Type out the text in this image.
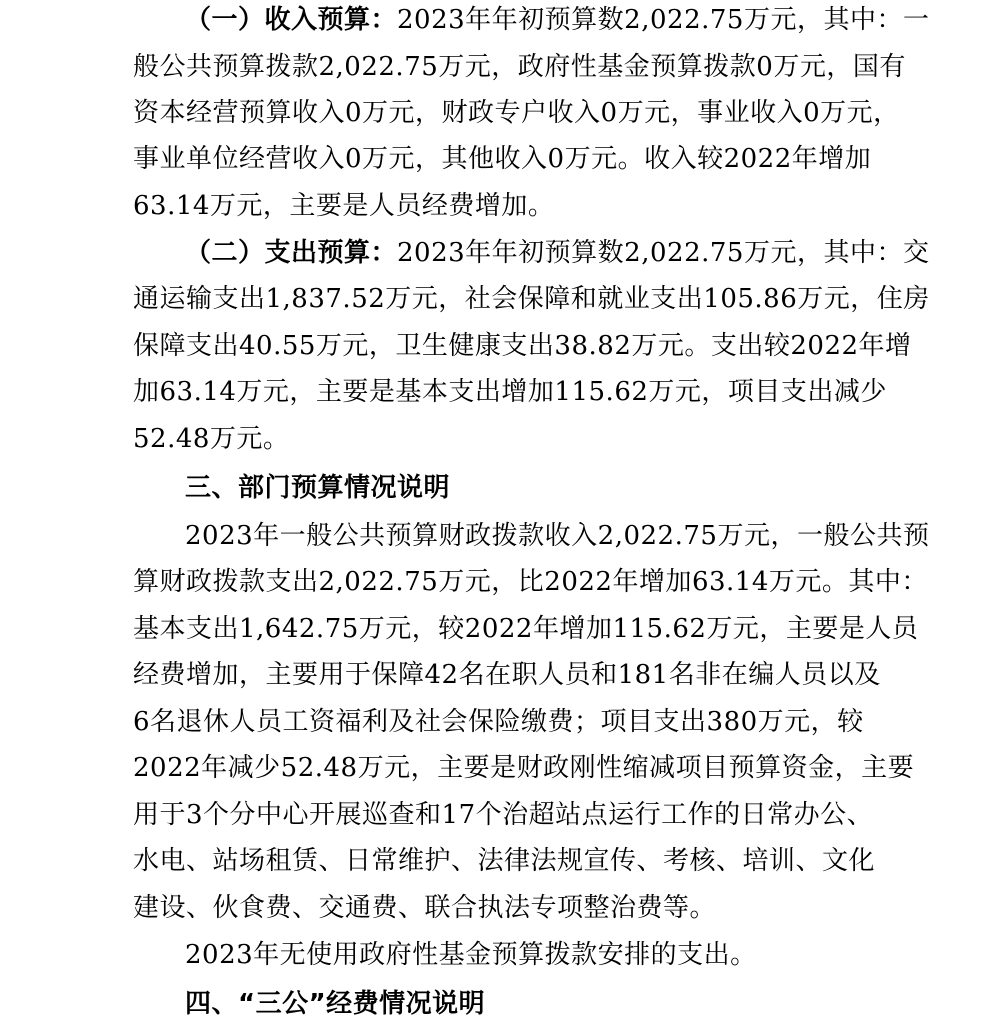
（一）收入预算：2023年年初预算数2,022.75万元，其中：一
般公共预算拨款2,022.75万元，政府性基金预算拨款0万元，国有
资本经营预算收入0万元，财政专户收入0万元，事业收入0万元，
事业单位经营收入0万元，其他收入0万元。收入较2022年增加
63.14万元，主要是人员经费增加。
（二）支出预算：2023年年初预算数2,022.75万元，其中：交
通运输支出1,837.52万元，社会保障和就业支出105.86万元，住房
保障支出40.55万元，卫生健康支出38.82万元。支出较2022年增
加63.14万元，主要是基本支出增加115.62万元，项目支出减少
52.48万元。
三、部门预算情况说明
2023年一般公共预算财政拨款收入2,022.75万元，一般公共预
算财政拨款支出2,022.75万元，比2022年增加63.14万元。其中：
基本支出1,642.75万元，较2022年增加115.62万元，主要是人员
经费增加，主要用于保障42名在职人员和181名非在编人员以及
6名退休人员工资福利及社会保险缴费；项目支出380万元，较
2022年减少52.48万元，主要是财政刚性缩减项目预算资金，主要
用于3个分中心开展巡查和17个治超站点运行工作的日常办公、
水电、站场租赁、日常维护、法律法规宣传、考核、培训、文化
建设、伙食费、交通费、联合执法专项整治费等。
2023年无使用政府性基金预算拨款安排的支出。
四、“三公”经费情况说明
